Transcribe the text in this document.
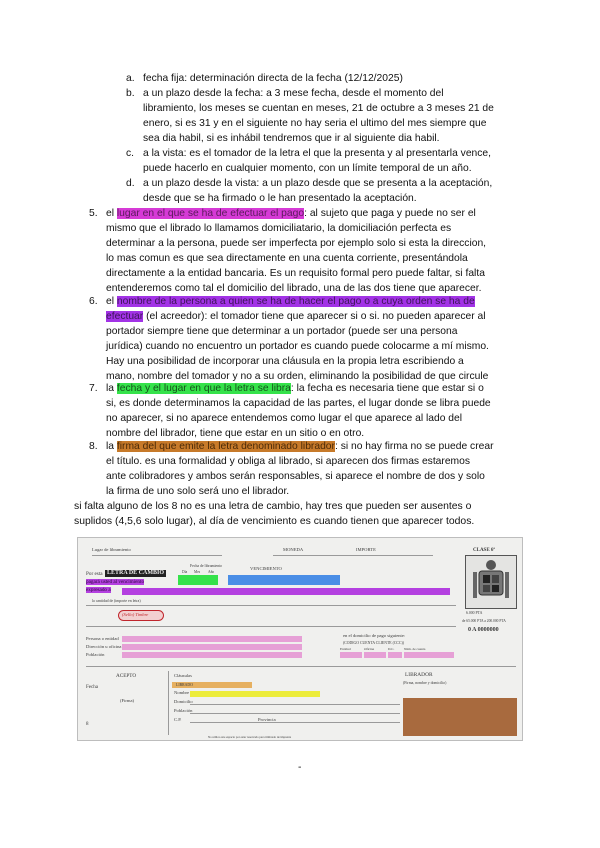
a. fecha fija: determinación directa de la fecha (12/12/2025)
b. a un plazo desde la fecha: a 3 mese fecha, desde el momento del
libramiento, los meses se cuentan en meses, 21 de octubre a 3 meses 21 de
enero, si es 31 y en el siguiente no hay seria el ultimo del mes siempre que
sea dia habil, si es inhábil tendremos que ir al siguiente dia habil.
c. a la vista: es el tomador de la letra el que la presenta y al presentarla vence,
puede hacerlo en cualquier momento, con un límite temporal de un año.
d. a un plazo desde la vista: a un plazo desde que se presenta a la aceptación,
desde que se ha firmado o le han presentado la aceptación.
5. el lugar en el que se ha de efectuar el pago: al sujeto que paga y puede no ser el
mismo que el librado lo llamamos domiciliatario, la domiciliación perfecta es
determinar a la persona, puede ser imperfecta por ejemplo solo si esta la direccion,
lo mas comun es que sea directamente en una cuenta corriente, presentándola
directamente a la entidad bancaria. Es un requisito formal pero puede faltar, si falta
entenderemos como tal el domicilio del librado, una de las dos tiene que aparecer.
6. el nombre de la persona a quien se ha de hacer el pago o a cuya orden se ha de
efectuar (el acreedor): el tomador tiene que aparecer si o si. no pueden aparecer al
portador siempre tiene que determinar a un portador (puede ser una persona
jurídica) cuando no encuentro un portador es cuando puede colocarme a mí mismo.
Hay una posibilidad de incorporar una cláusula en la propia letra escribiendo a
mano, nombre del tomador y no a su orden, eliminando la posibilidad de que circule
7. la fecha y el lugar en que la letra se libra: la fecha es necesaria tiene que estar si o
si, es donde determinamos la capacidad de las partes, el lugar donde se libra puede
no aparecer, si no aparece entendemos como lugar el que aparece al lado del
nombre del librador, tiene que estar en un sitio o en otro.
8. la firma del que emite la letra denominado librador: si no hay firma no se puede crear
el título. es una formalidad y obliga al librado, si aparecen dos firmas estaremos
ante colibradores y ambos serán responsables, si aparece el nombre de dos y solo
la firma de uno solo será uno el librador.
si falta alguno de los 8 no es una letra de cambio, hay tres que pueden ser ausentes o
suplidos (4,5,6 solo lugar), al día de vencimiento es cuando tienen que aparecer todos.
Lugar de libramiento	MONEDA	IMPORTE	CLASE 6ª
6.000 PTA
de 65.000 PTA a 200.000 PTA
0 A 0000000
Fecha de libramiento
Día Mes Año
VENCIMIENTO
Por esta LETRA DE CAMBIO
pagará usted al vencimiento
expresado a
la cantidad de (importe en letra)
(Sello) Timbre
Persona o entidad
Dirección u oficina
Población
en el domicilio de pago siguiente:
(CODIGO CUENTA CLIENTE (CCC))
Entidad	Oficina	D.C.	Núm. de cuenta
ACEPTO
Fecha
(Firma)
8
Cláusulas
LIBRADO
Nombre
Domicilio
Población
C.P.	Provincia
LIBRADOR
(Firma, nombre y domicilio)
No utilice este espacio por estar reservado para timbrado de imprenta
-
